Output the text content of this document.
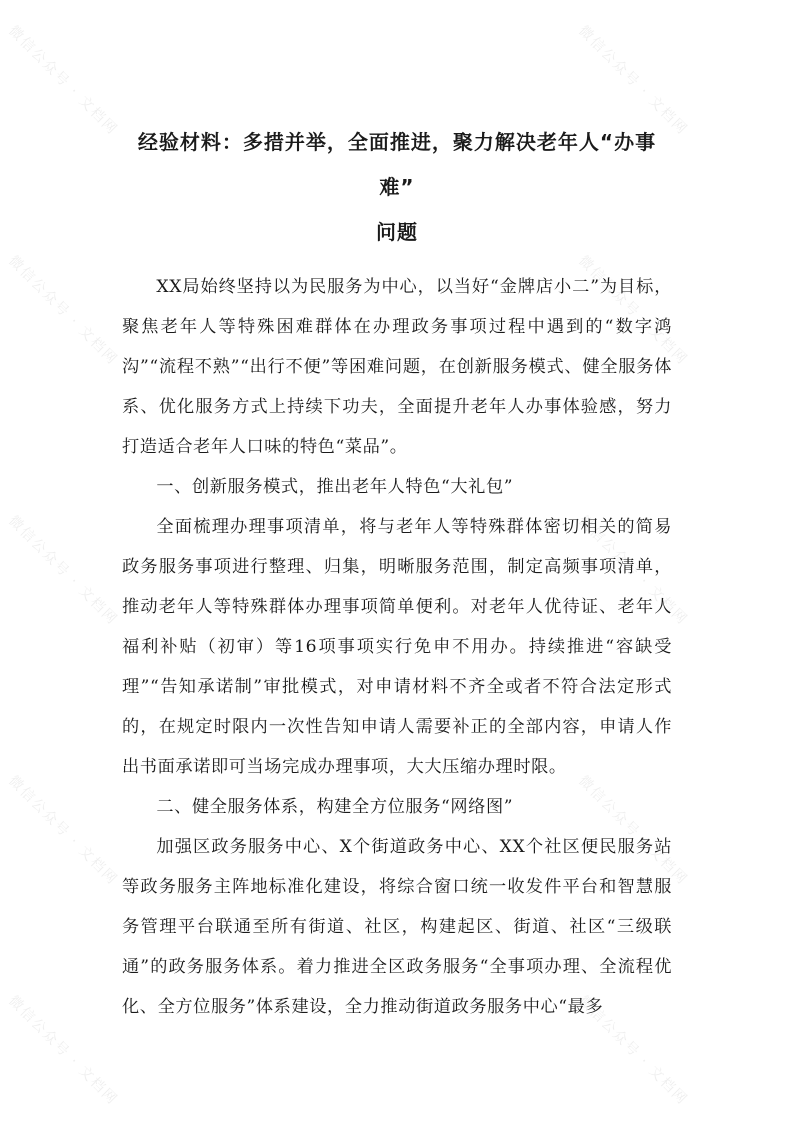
微信公众号 · 文档网	微信公众号 · 文档网
微信公众号 · 文档网	微信公众号 · 文档网
微信公众号 · 文档网	微信公众号 · 文档网
微信公众号 · 文档网	微信公众号 · 文档网
微信公众号 · 文档网	微信公众号 · 文档网
经验材料：多措并举，全面推进，聚力解决老年人“办事难”
问题

XX局始终坚持以为民服务为中心，以当好“金牌店小二”为目标，聚焦老年人等特殊困难群体在办理政务事项过程中遇到的“数字鸿沟”“流程不熟”“出行不便”等困难问题，在创新服务模式、健全服务体系、优化服务方式上持续下功夫，全面提升老年人办事体验感，努力打造适合老年人口味的特色“菜品”。

一、创新服务模式，推出老年人特色“大礼包”

全面梳理办理事项清单，将与老年人等特殊群体密切相关的简易政务服务事项进行整理、归集，明晰服务范围，制定高频事项清单，推动老年人等特殊群体办理事项简单便利。对老年人优待证、老年人福利补贴（初审）等16项事项实行免申不用办。持续推进“容缺受理”“告知承诺制”审批模式，对申请材料不齐全或者不符合法定形式的，在规定时限内一次性告知申请人需要补正的全部内容，申请人作出书面承诺即可当场完成办理事项，大大压缩办理时限。

二、健全服务体系，构建全方位服务“网络图”

加强区政务服务中心、X个街道政务中心、XX个社区便民服务站等政务服务主阵地标准化建设，将综合窗口统一收发件平台和智慧服务管理平台联通至所有街道、社区，构建起区、街道、社区“三级联通”的政务服务体系。着力推进全区政务服务“全事项办理、全流程优化、全方位服务”体系建设，全力推动街道政务服务中心“最多
